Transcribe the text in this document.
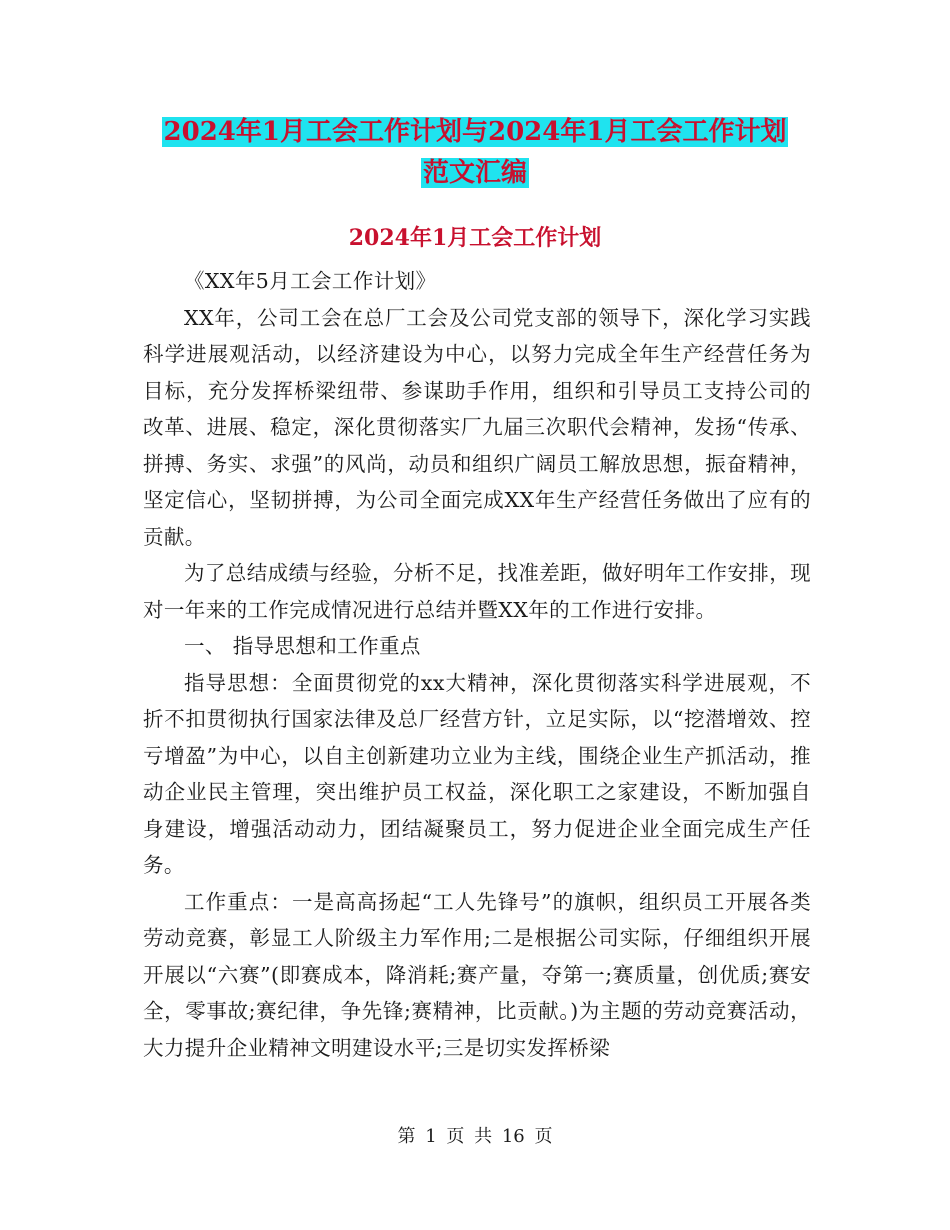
2024年1月工会工作计划与2024年1月工会工作计划
范文汇编
2024年1月工会工作计划

《XX年5月工会工作计划》

XX年，公司工会在总厂工会及公司党支部的领导下，深化学习实践科学进展观活动，以经济建设为中心，以努力完成全年生产经营任务为目标，充分发挥桥梁纽带、参谋助手作用，组织和引导员工支持公司的改革、进展、稳定，深化贯彻落实厂九届三次职代会精神，发扬“传承、拼搏、务实、求强”的风尚，动员和组织广阔员工解放思想，振奋精神，坚定信心，坚韧拼搏，为公司全面完成XX年生产经营任务做出了应有的贡献。

为了总结成绩与经验，分析不足，找准差距，做好明年工作安排，现对一年来的工作完成情况进行总结并暨XX年的工作进行安排。

一、 指导思想和工作重点

指导思想：全面贯彻党的xx大精神，深化贯彻落实科学进展观，不折不扣贯彻执行国家法律及总厂经营方针，立足实际，以“挖潜增效、控亏增盈”为中心，以自主创新建功立业为主线，围绕企业生产抓活动，推动企业民主管理，突出维护员工权益，深化职工之家建设，不断加强自身建设，增强活动动力，团结凝聚员工，努力促进企业全面完成生产任务。

工作重点：一是高高扬起“工人先锋号”的旗帜，组织员工开展各类劳动竞赛，彰显工人阶级主力军作用;二是根据公司实际，仔细组织开展开展以“六赛”(即赛成本，降消耗;赛产量，夺第一;赛质量，创优质;赛安全，零事故;赛纪律，争先锋;赛精神，比贡献。)为主题的劳动竞赛活动，大力提升企业精神文明建设水平;三是切实发挥桥梁

第 1 页 共 16 页
